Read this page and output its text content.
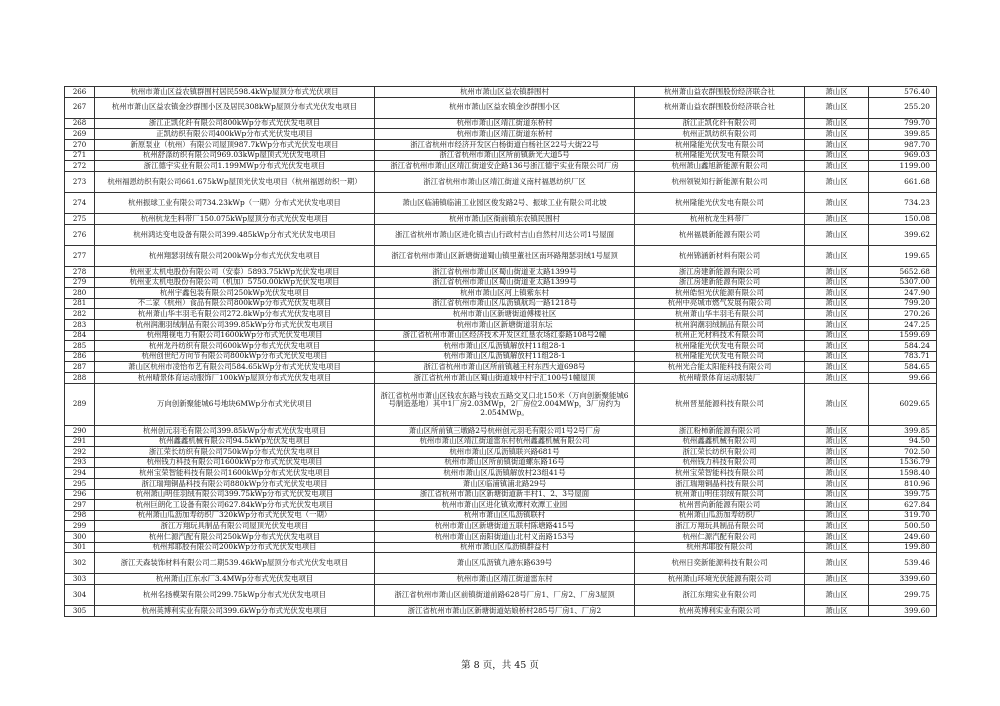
266	杭州市萧山区益农镇群围村居民598.4kWp屋顶分布式光伏项目	杭州市萧山区益农镇群围村	杭州萧山益农群围股份经济联合社	萧山区	576.40
267	杭州市萧山区益农镇金沙群围小区及居民308kWp屋顶分布式光伏发电项目	杭州市萧山区益农镇金沙群围小区	杭州萧山益农群围股份经济联合社	萧山区	255.20
268	浙江正凯化纤有限公司800kWp分布式光伏发电项目	杭州市萧山区靖江街道东桥村	浙江正凯化纤有限公司	萧山区	799.70
269	正凯纺织有限公司400kWp分布式光伏发电项目	杭州市萧山区靖江街道东桥村	杭州正凯纺织有限公司	萧山区	399.85
270	新原泵业（杭州）有限公司屋顶987.7kWp分布式光伏发电项目	浙江省杭州市经济开发区白杨街道白杨社区22号大街22号	杭州隆能光伏发电有限公司	萧山区	987.70
271	杭州舒涤纺织有限公司969.03kWp屋顶式光伏发电项目	浙江省杭州市萧山区所前镇新光大道5号	杭州隆能光伏发电有限公司	萧山区	969.03
272	浙江德宇实业有限公司1.199MWp分布式光伏发电项目	浙江省杭州市萧山区靖江街道安企路136号浙江德宇实业有限公司厂房	杭州萧山鑫旭新能源有限公司	萧山区	1199.00
273	杭州福恩纺织有限公司661.675kWp屋顶光伏发电项目（杭州福恩纺织一期）	浙江省杭州市萧山区靖江街道义南村福恩纺织厂区	杭州领锐知行新能源有限公司	萧山区	661.68
274	杭州振球工业有限公司734.23kWp（一期）分布式光伏发电项目	萧山区临浦镇临浦工业园区俊发路2号、振球工业有限公司北坡	杭州隆能光伏发电有限公司	萧山区	734.23
275	杭州杭龙生料带厂150.075kWp屋顶分布式光伏发电项目	杭州市萧山区衙前镇东农镇民围村	杭州杭龙生料带厂	萧山区	150.08
276	杭州鸿达变电设备有限公司399.485kWp分布式光伏发电项目	浙江省杭州市萧山区进化镇吉山行政村吉山自然村川达公司1号屋面	杭州福晨新能源有限公司	萧山区	399.62
277	杭州翔瑟羽绒有限公司200kWp分布式光伏发电项目	浙江省杭州市萧山区新塘街道蜀山镇里董社区南环路翔瑟羽绒1号屋顶	杭州锦涵新材料有限公司	萧山区	199.65
278	杭州亚太机电股份有限公司（安泰）5893.75kWp光伏发电项目	浙江省杭州市萧山区蜀山街道亚太路1399号	浙江房建新能源有限公司	萧山区	5652.68
279	杭州亚太机电股份有限公司（机加）5750.00kWp光伏发电项目	浙江省杭州市萧山区蜀山街道亚太路1399号	浙江房建新能源有限公司	萧山区	5307.00
280	杭州宇鑫包装有限公司250kWp光伏发电项目	杭州市萧山区河上镇紫东村	杭州皓恒光伏能源有限公司	萧山区	247.90
281	不二家（杭州）食品有限公司800kWp分布式光伏发电项目	浙江省杭州市萧山区瓜沥镇航坞一路1218号	杭州中亮城市燃气发展有限公司	萧山区	799.20
282	杭州萧山华丰羽毛有限公司272.8kWp分布式光伏发电项目	杭州市萧山区新塘街道傅楼社区	杭州萧山华丰羽毛有限公司	萧山区	270.26
283	杭州润潮羽绒制品有限公司399.85kWp分布式光伏发电项目	杭州市萧山区新塘街道羽东坛	杭州润潮羽绒制品有限公司	萧山区	247.25
284	杭州翔视电力有限公司1600kWp分布式光伏发电项目	浙江省杭州市萧山区经济技术开发区红垦农场红泰路108号2幢	杭州正光材料技术有限公司	萧山区	1599.69
285	杭州龙丹纺织有限公司600kWp分布式光伏发电项目	杭州市萧山区瓜沥镇解放村11组28-1	杭州隆能光伏发电有限公司	萧山区	584.24
286	杭州创世纪万向节有限公司800kWp分布式光伏发电项目	杭州市萧山区瓜沥镇解放村11组28-1	杭州隆能光伏发电有限公司	萧山区	783.71
287	萧山区杭州市凌怡布艺有限公司584.65kWp分布式光伏发电项目	浙江省杭州市萧山区所前镇越王村东西大道698号	杭州光合能太阳能科技有限公司	萧山区	584.65
288	杭州晴景体育运动服饰厂100kWp屋顶分布式光伏发电项目	浙江省杭州市萧山区蜀山街道城中村宇汇100号1幢屋顶	杭州晴景体育运动服装厂	萧山区	99.66
289	万向创新聚能城6号地块6MWp分布式光伏项目	浙江省杭州市萧山区钱农东路与钱农五路交叉口北150米（万向创新聚能城6号制造基地）其中1厂房2.03MWp，2厂房位2.004MWp，3厂房约为2.054MWp。	杭州晋星能源科技有限公司	萧山区	6029.65
290	杭州创元羽毛有限公司399.85kWp分布式光伏发电项目	萧山区所前镇三墩路2号杭州创元羽毛有限公司1号2号厂房	浙江粉柿新能源有限公司	萧山区	399.85
291	杭州鑫鑫机械有限公司94.5kWp光伏发电项目	杭州市萧山区靖江街道雷东村杭州鑫鑫机械有限公司	杭州鑫鑫机械有限公司	萧山区	94.50
292	浙江荣长纺织有限公司750kWp分布式光伏发电项目	杭州市萧山区瓜沥镇联兴路681号	浙江荣长纺织有限公司	萧山区	702.50
293	杭州钱力科技有限公司1600kWp分布式光伏发电项目	杭州市萧山区所前镇街道螺东路16号	杭州钱力科技有限公司	萧山区	1536.79
294	杭州宝荣智能科技有限公司1600kWp分布式光伏发电项目	杭州市萧山区瓜沥镇解放村23组41号	杭州宝荣智能科技有限公司	萧山区	1598.40
295	浙江瑞翔铜晶科技有限公司880kWp分布式光伏发电项目	萧山区临浦镇浦北路29号	浙江瑞翔铜晶科技有限公司	萧山区	810.96
296	杭州萧山明佳羽绒有限公司399.75kWp分布式光伏发电项目	浙江省杭州市萧山区新塘街道新丰村1、2、3号屋面	杭州萧山明佳羽绒有限公司	萧山区	399.75
297	杭州巨朗化工设备有限公司627.84kWp分布式光伏发电项目	杭州市萧山区进化镇欢潭村欢潭工业园	杭州晋尚新能源有限公司	萧山区	627.84
298	杭州萧山瓜沥加寿纺织厂320kWp分布式光伏发电（一期）	杭州市萧山区瓜沥镇联村	杭州萧山瓜沥加寿纺织厂	萧山区	319.70
299	浙江万翔玩具制品有限公司屋顶光伏发电项目	杭州市萧山区新塘街道五联村陈塘路415号	浙江万翔玩具制品有限公司	萧山区	500.50
300	杭州仁源汽配有限公司250kWp分布式光伏发电项目	杭州市萧山区南阳街道山北村义南路153号	杭州仁源汽配有限公司	萧山区	249.60
301	杭州邦耶胶有限公司200kWp分布式光伏发电项目	杭州市萧山区瓜沥镇群益村	杭州邦耶胶有限公司	萧山区	199.80
302	浙江天森装饰材料有限公司二期539.46kWp屋顶分布式光伏发电项目	萧山区瓜沥镇九港东路639号	杭州日奕新能源科技有限公司	萧山区	539.46
303	杭州萧山江东水厂3.4MWp分布式光伏发电项目	杭州市萧山区靖江街道雷东村	杭州萧山环境光伏能源有限公司	萧山区	3399.60
304	杭州名扬模架有限公司299.75kWp分布式光伏发电项目	浙江省杭州市萧山区前镇街道前路628号厂房1、厂房2、厂房3屋顶	浙江东翔实业有限公司	萧山区	299.75
305	杭州英博利实业有限公司399.6kWp分布式光伏发电项目	浙江省杭州市萧山区新塘街道姑娘桥村285号厂房1、厂房2	杭州英博利实业有限公司	萧山区	399.60
第 8 页，共 45 页
